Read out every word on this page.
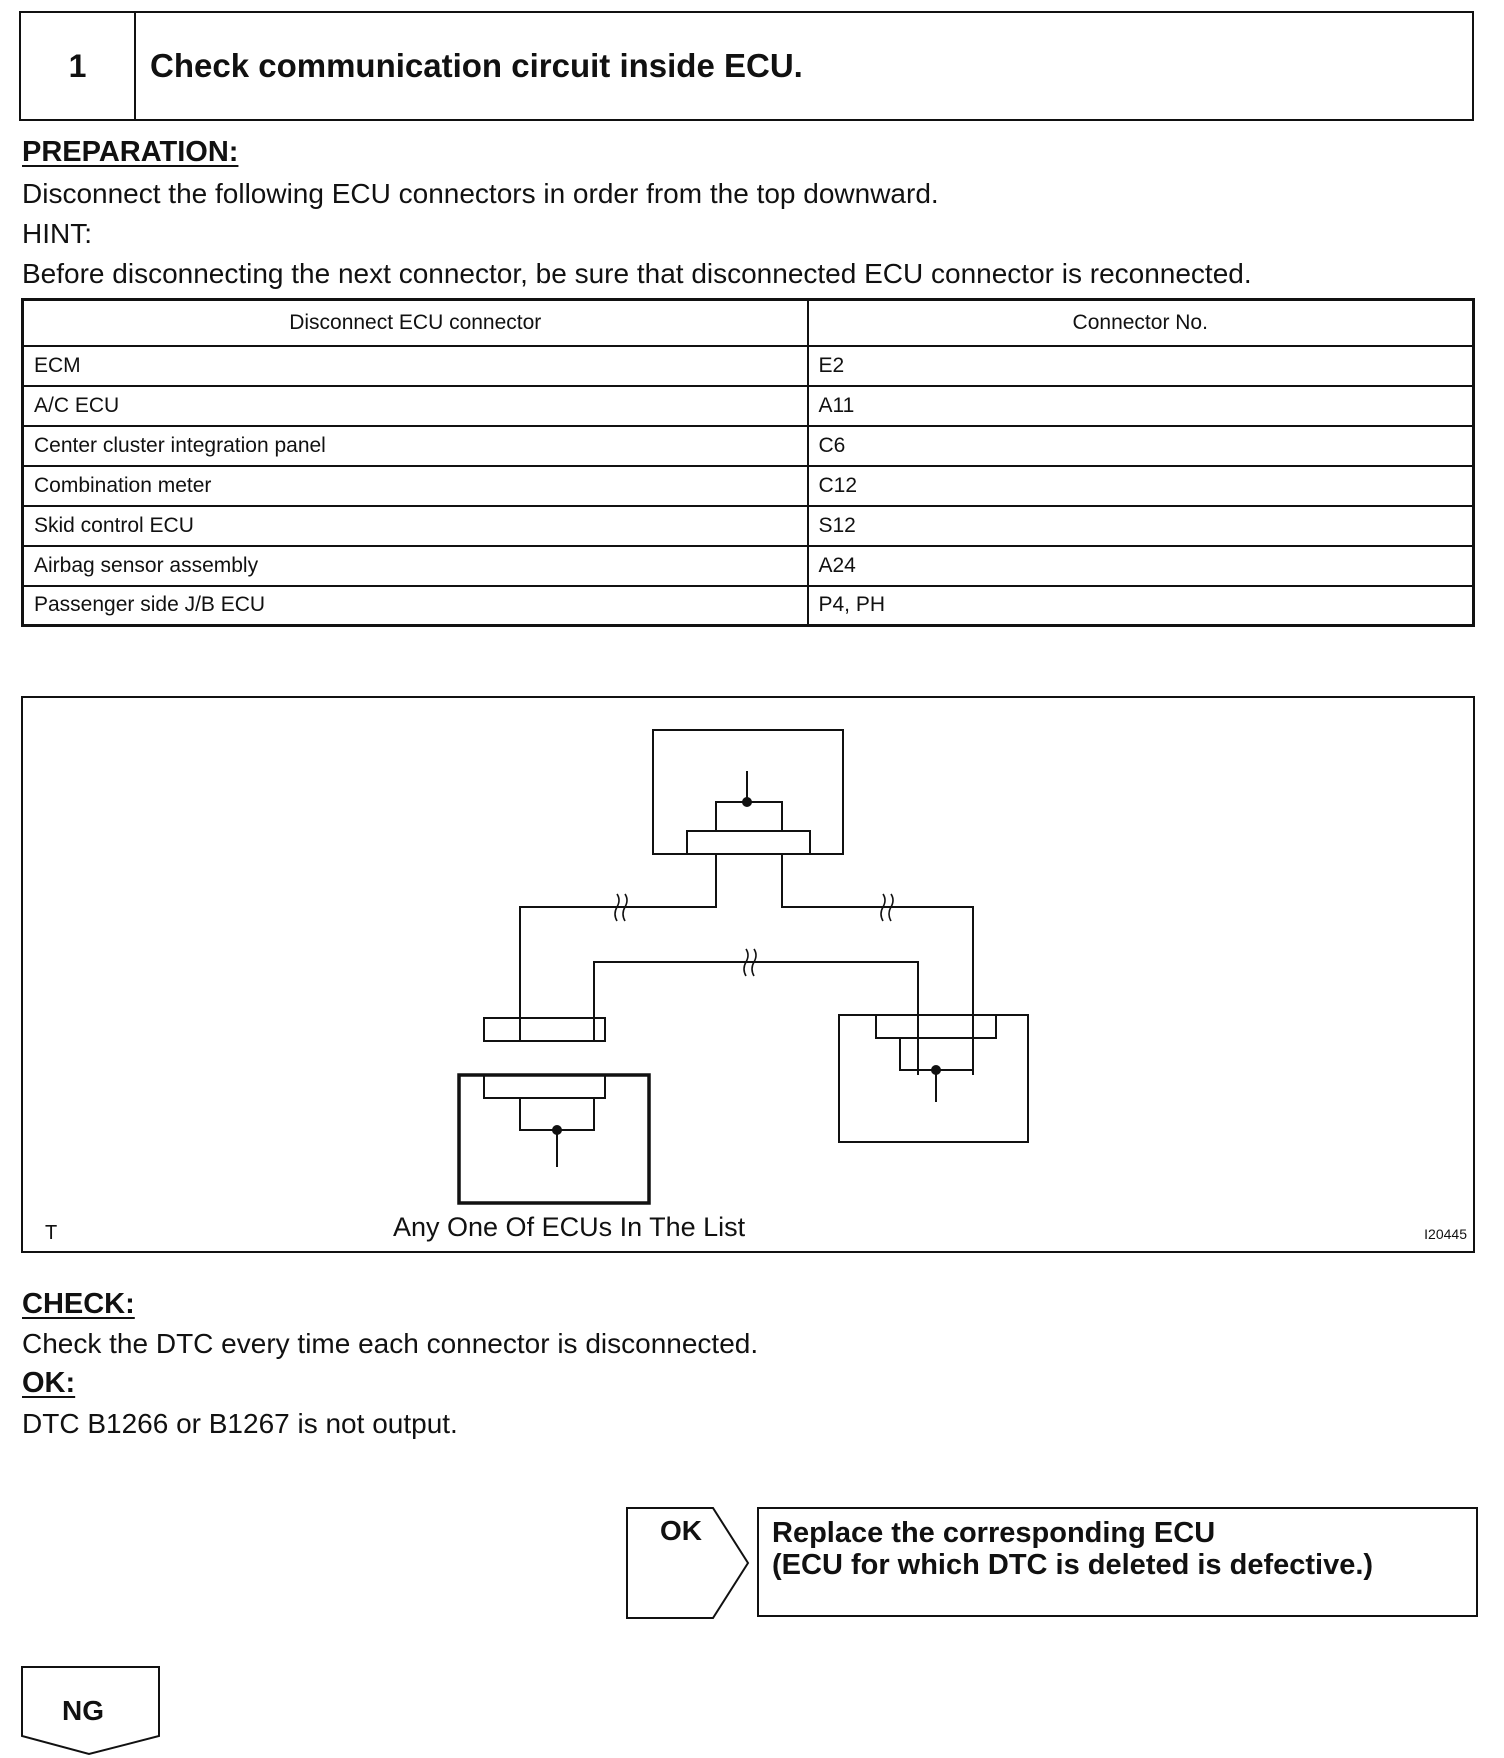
1	Check communication circuit inside ECU.
PREPARATION:
Disconnect the following ECU connectors in order from the top downward.
HINT:
Before disconnecting the next connector, be sure that disconnected ECU connector is reconnected.
Disconnect ECU connector	Connector No.
ECM	E2
A/C ECU	A11
Center cluster integration panel	C6
Combination meter	C12
Skid control ECU	S12
Airbag sensor assembly	A24
Passenger side J/B ECU	P4, PH
T	Any One Of ECUs In The List	I20445
CHECK:
Check the DTC every time each connector is disconnected.
OK:
DTC B1266 or B1267 is not output.
OK Replace the corresponding ECU
(ECU for which DTC is deleted is defective.)
NG
